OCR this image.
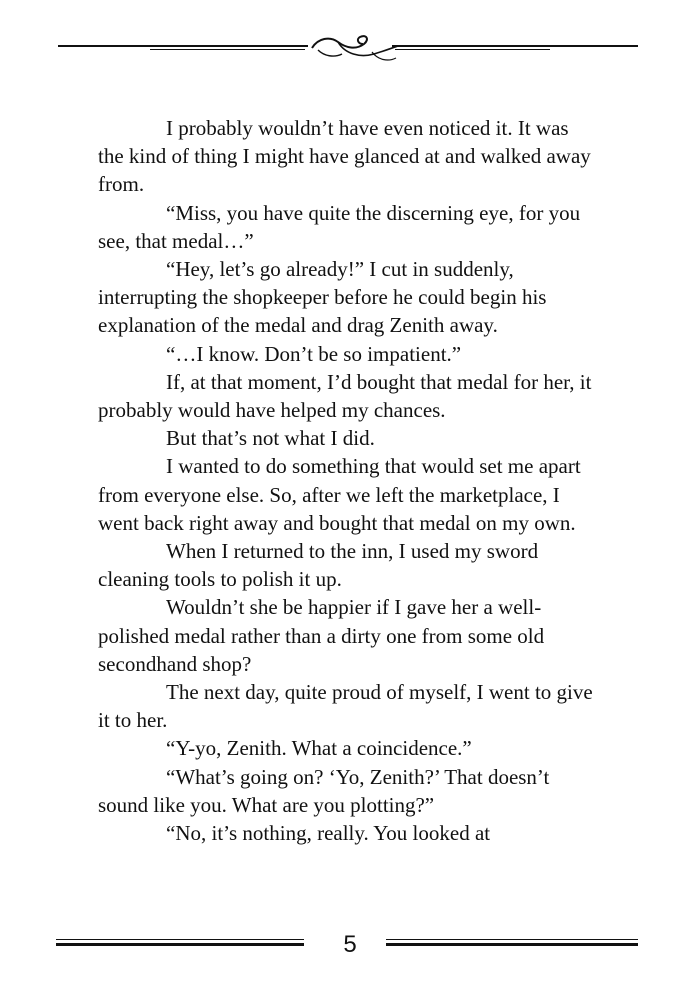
I probably wouldn’t have even noticed it. It was the kind of thing I might have glanced at and walked away from.

“Miss, you have quite the discerning eye, for you see, that medal…”

“Hey, let’s go already!” I cut in suddenly, interrupting the shopkeeper before he could begin his explanation of the medal and drag Zenith away.

“…I know. Don’t be so impatient.”

If, at that moment, I’d bought that medal for her, it probably would have helped my chances.

But that’s not what I did.

I wanted to do something that would set me apart from everyone else. So, after we left the marketplace, I went back right away and bought that medal on my own.

When I returned to the inn, I used my sword cleaning tools to polish it up.

Wouldn’t she be happier if I gave her a well-polished medal rather than a dirty one from some old secondhand shop?

The next day, quite proud of myself, I went to give it to her.

“Y-yo, Zenith. What a coincidence.”

“What’s going on? ‘Yo, Zenith?’ That doesn’t sound like you. What are you plotting?”

“No, it’s nothing, really. You looked at

5
